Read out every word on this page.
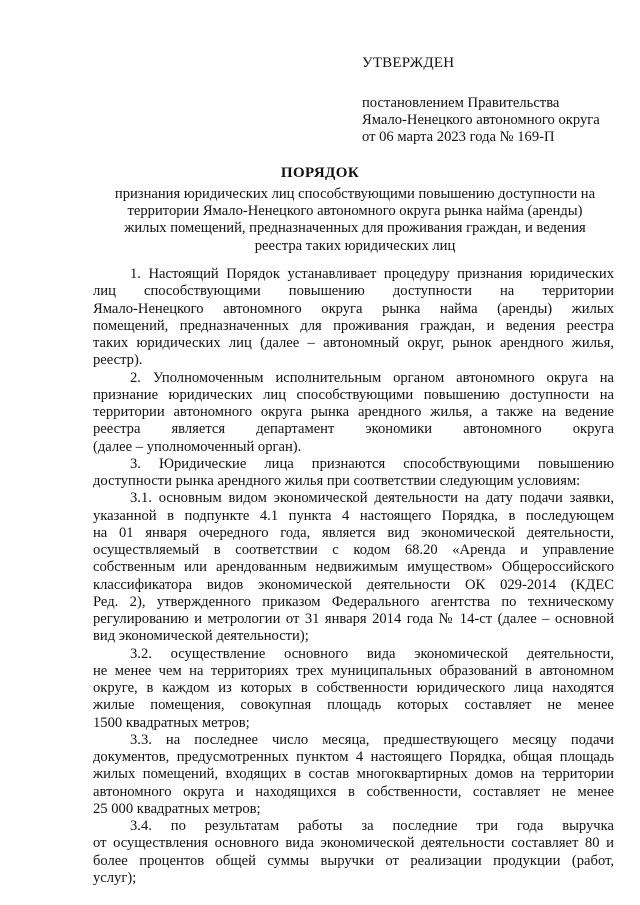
УТВЕРЖДЕН
постановлением Правительства
Ямало-Ненецкого автономного округа
от 06 марта 2023 года № 169-П
ПОРЯДОК
признания юридических лиц способствующими повышению доступности на
территории Ямало-Ненецкого автономного округа рынка найма (аренды)
жилых помещений, предназначенных для проживания граждан, и ведения
реестра таких юридических лиц
1. Настоящий Порядок устанавливает процедуру признания юридических
лиц способствующими повышению доступности на территории
Ямало-Ненецкого автономного округа рынка найма (аренды) жилых
помещений, предназначенных для проживания граждан, и ведения реестра
таких юридических лиц (далее – автономный округ, рынок арендного жилья,
реестр).
2. Уполномоченным исполнительным органом автономного округа на
признание юридических лиц способствующими повышению доступности на
территории автономного округа рынка арендного жилья, а также на ведение
реестра является департамент экономики автономного округа
(далее – уполномоченный орган).
3. Юридические лица признаются способствующими повышению
доступности рынка арендного жилья при соответствии следующим условиям:
3.1. основным видом экономической деятельности на дату подачи заявки,
указанной в подпункте 4.1 пункта 4 настоящего Порядка, в последующем
на 01 января очередного года, является вид экономической деятельности,
осуществляемый в соответствии с кодом 68.20 «Аренда и управление
собственным или арендованным недвижимым имуществом» Общероссийского
классификатора видов экономической деятельности ОК 029-2014 (КДЕС
Ред. 2), утвержденного приказом Федерального агентства по техническому
регулированию и метрологии от 31 января 2014 года № 14-ст (далее – основной
вид экономической деятельности);
3.2. осуществление основного вида экономической деятельности,
не менее чем на территориях трех муниципальных образований в автономном
округе, в каждом из которых в собственности юридического лица находятся
жилые помещения, совокупная площадь которых составляет не менее
1500 квадратных метров;
3.3. на последнее число месяца, предшествующего месяцу подачи
документов, предусмотренных пунктом 4 настоящего Порядка, общая площадь
жилых помещений, входящих в состав многоквартирных домов на территории
автономного округа и находящихся в собственности, составляет не менее
25 000 квадратных метров;
3.4. по результатам работы за последние три года выручка
от осуществления основного вида экономической деятельности составляет 80 и
более процентов общей суммы выручки от реализации продукции (работ,
услуг);
